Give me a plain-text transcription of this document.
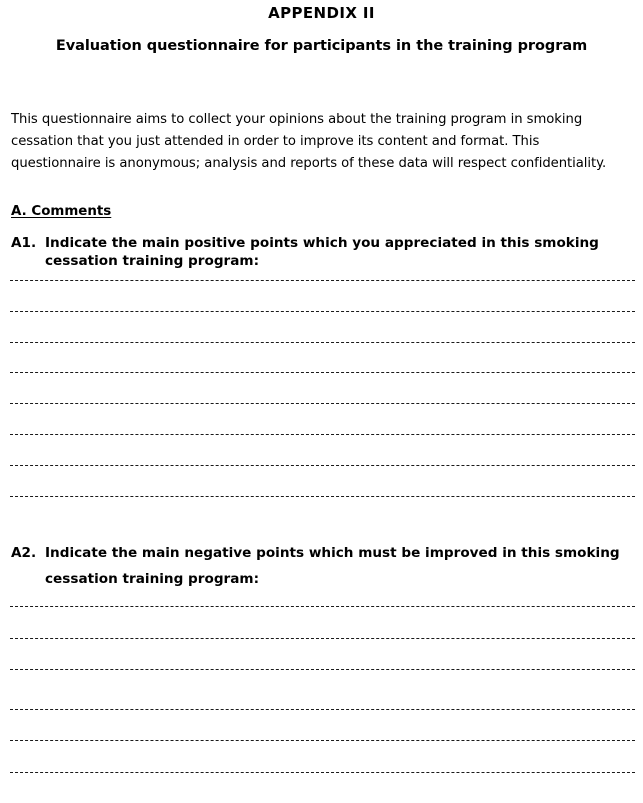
APPENDIX II
Evaluation questionnaire for participants in the training program

This questionnaire aims to collect your opinions about the training program in smoking cessation that you just attended in order to improve its content and format. This questionnaire is anonymous; analysis and reports of these data will respect confidentiality.

A. Comments
A1. Indicate the main positive points which you appreciated in this smoking cessation training program:
A2. Indicate the main negative points which must be improved in this smoking cessation training program:
